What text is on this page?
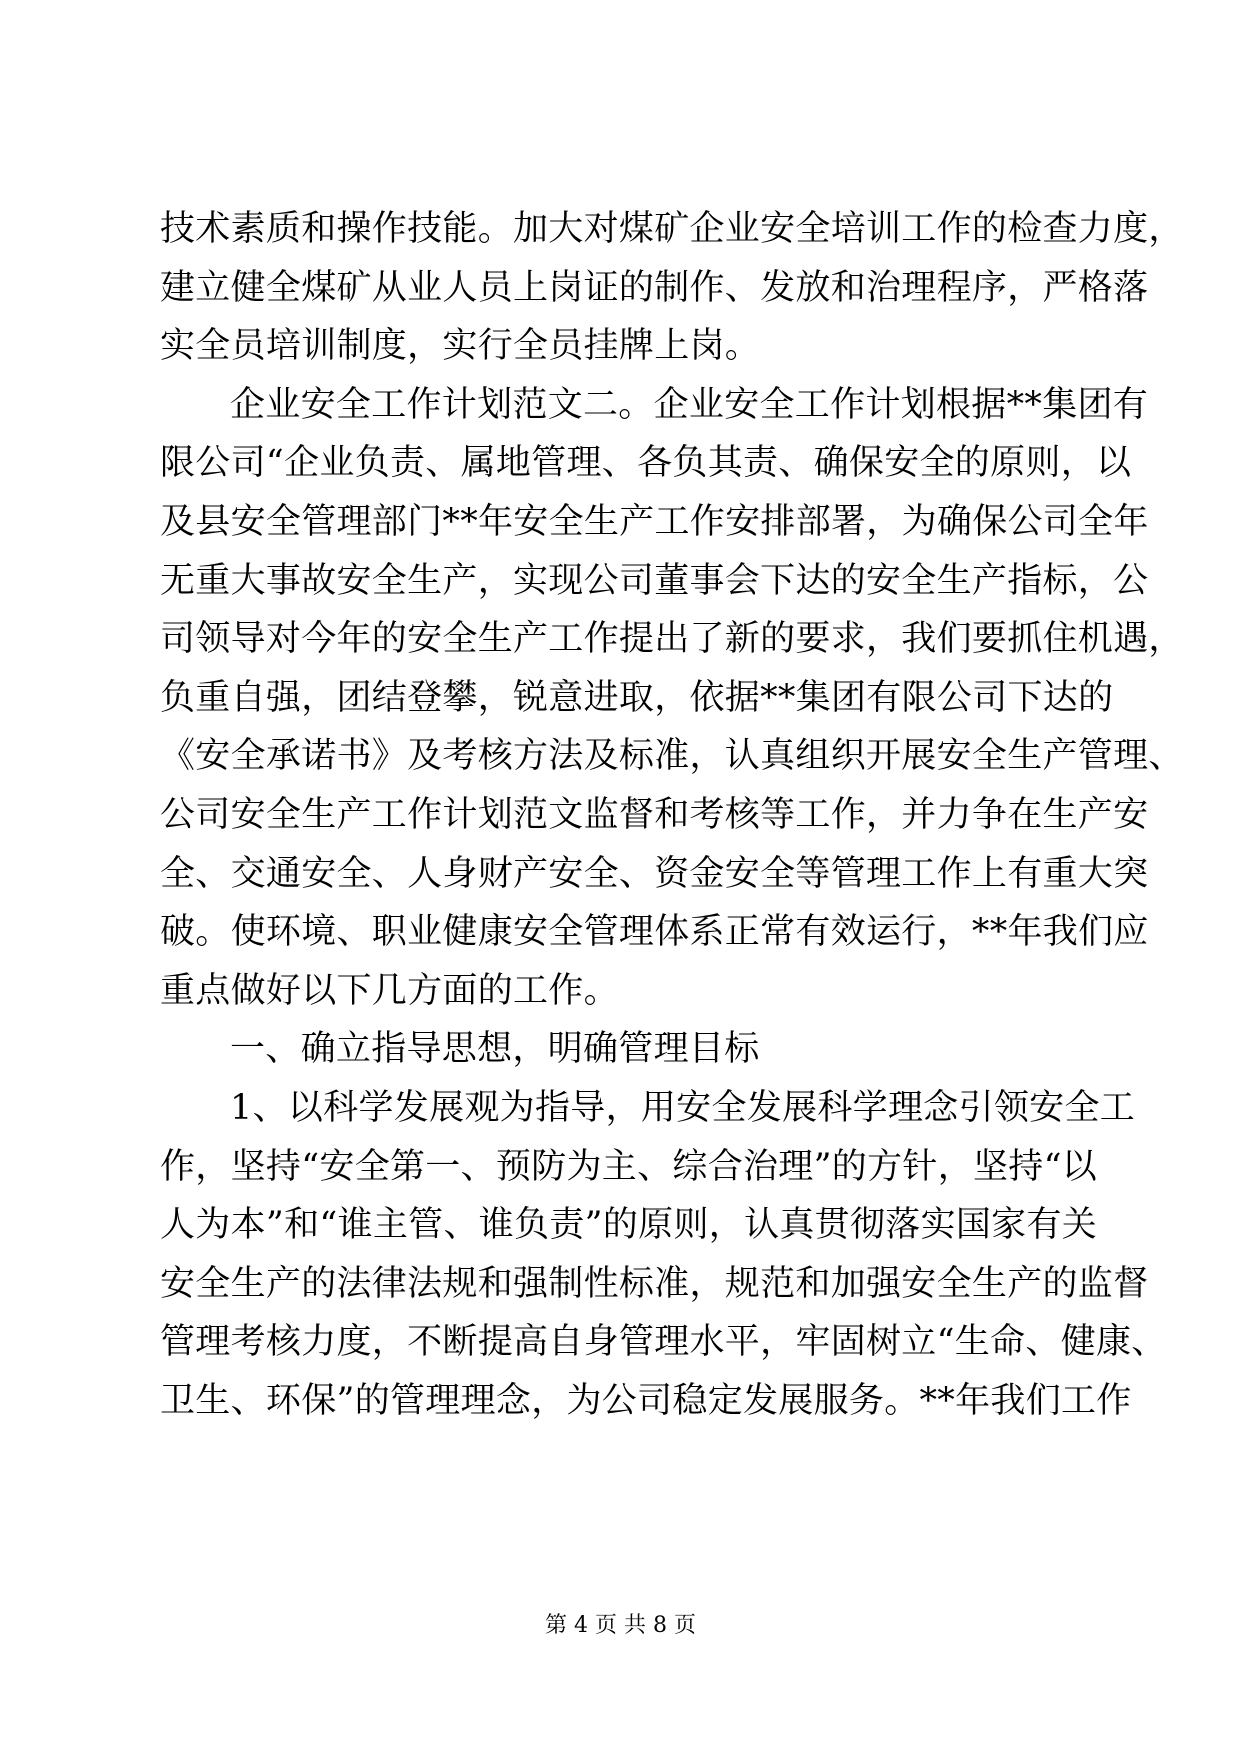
技术素质和操作技能。加大对煤矿企业安全培训工作的检查力度，
建立健全煤矿从业人员上岗证的制作、发放和治理程序，严格落
实全员培训制度，实行全员挂牌上岗。
企业安全工作计划范文二。企业安全工作计划根据**集团有
限公司“企业负责、属地管理、各负其责、确保安全的原则，以
及县安全管理部门**年安全生产工作安排部署，为确保公司全年
无重大事故安全生产，实现公司董事会下达的安全生产指标，公
司领导对今年的安全生产工作提出了新的要求，我们要抓住机遇，
负重自强，团结登攀，锐意进取，依据**集团有限公司下达的
《安全承诺书》及考核方法及标准，认真组织开展安全生产管理、
公司安全生产工作计划范文监督和考核等工作，并力争在生产安
全、交通安全、人身财产安全、资金安全等管理工作上有重大突
破。使环境、职业健康安全管理体系正常有效运行，**年我们应
重点做好以下几方面的工作。
一、确立指导思想，明确管理目标
1、以科学发展观为指导，用安全发展科学理念引领安全工
作，坚持“安全第一、预防为主、综合治理”的方针，坚持“以
人为本”和“谁主管、谁负责”的原则，认真贯彻落实国家有关
安全生产的法律法规和强制性标准，规范和加强安全生产的监督
管理考核力度，不断提高自身管理水平，牢固树立“生命、健康、
卫生、环保”的管理理念，为公司稳定发展服务。**年我们工作
第 4 页 共 8 页
